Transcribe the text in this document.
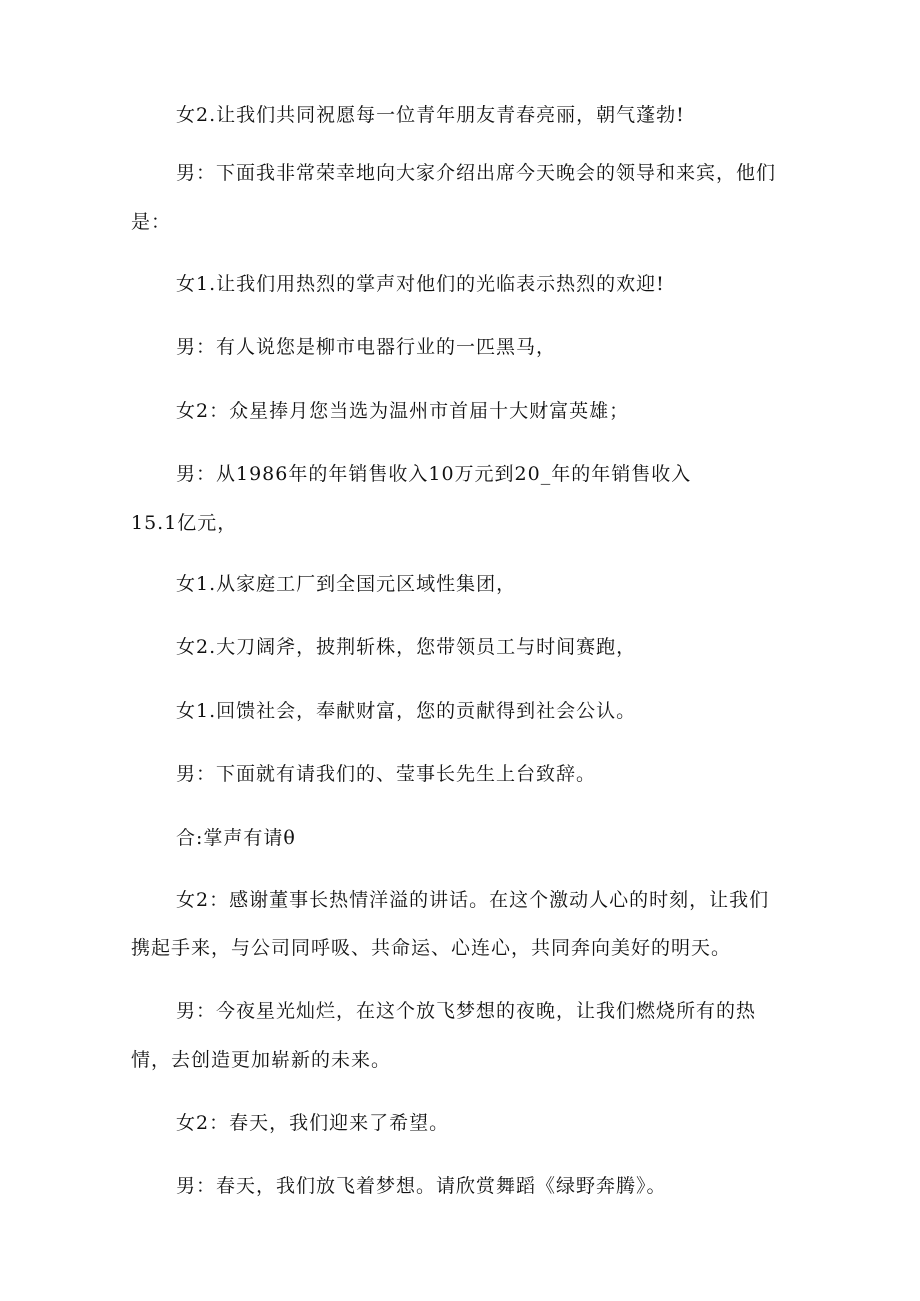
女2.让我们共同祝愿每一位青年朋友青春亮丽，朝气蓬勃!

男：下面我非常荣幸地向大家介绍出席今天晚会的领导和来宾，他们

是：

女1.让我们用热烈的掌声对他们的光临表示热烈的欢迎!

男：有人说您是柳市电器行业的一匹黑马，

女2：众星捧月您当选为温州市首届十大财富英雄；

男：从1986年的年销售收入10万元到20_年的年销售收入

15.1亿元，

女1.从家庭工厂到全国元区域性集团，

女2.大刀阔斧，披荆斩株，您带领员工与时间赛跑，

女1.回馈社会，奉献财富，您的贡献得到社会公认。

男：下面就有请我们的、莹事长先生上台致辞。

合:掌声有请θ

女2：感谢董事长热情洋溢的讲话。在这个激动人心的时刻，让我们

携起手来，与公司同呼吸、共命运、心连心，共同奔向美好的明天。

男：今夜星光灿烂，在这个放飞梦想的夜晚，让我们燃烧所有的热

情，去创造更加崭新的未来。

女2：春天，我们迎来了希望。

男：春天，我们放飞着梦想。请欣赏舞蹈《绿野奔腾》。
